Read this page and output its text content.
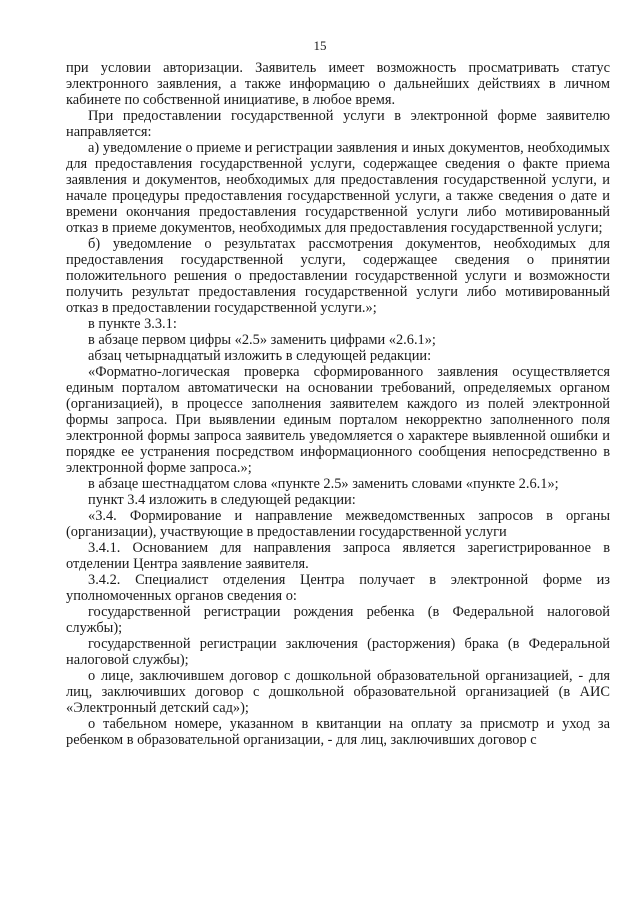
15

при условии авторизации. Заявитель имеет возможность просматривать статус электронного заявления, а также информацию о дальнейших действиях в личном кабинете по собственной инициативе, в любое время.

При предоставлении государственной услуги в электронной форме заявителю направляется:

а) уведомление о приеме и регистрации заявления и иных документов, необходимых для предоставления государственной услуги, содержащее сведения о факте приема заявления и документов, необходимых для предоставления государственной услуги, и начале процедуры предоставления государственной услуги, а также сведения о дате и времени окончания предоставления государственной услуги либо мотивированный отказ в приеме документов, необходимых для предоставления государственной услуги;

б) уведомление о результатах рассмотрения документов, необходимых для предоставления государственной услуги, содержащее сведения о принятии положительного решения о предоставлении государственной услуги и возможности получить результат предоставления государственной услуги либо мотивированный отказ в предоставлении государственной услуги.»;

в пункте 3.3.1:

в абзаце первом цифры «2.5» заменить цифрами «2.6.1»;

абзац четырнадцатый изложить в следующей редакции:

«Форматно-логическая проверка сформированного заявления осуществляется единым порталом автоматически на основании требований, определяемых органом (организацией), в процессе заполнения заявителем каждого из полей электронной формы запроса. При выявлении единым порталом некорректно заполненного поля электронной формы запроса заявитель уведомляется о характере выявленной ошибки и порядке ее устранения посредством информационного сообщения непосредственно в электронной форме запроса.»;

в абзаце шестнадцатом слова «пункте 2.5» заменить словами «пункте 2.6.1»;

пункт 3.4 изложить в следующей редакции:

«3.4. Формирование и направление межведомственных запросов в органы (организации), участвующие в предоставлении государственной услуги

3.4.1. Основанием для направления запроса является зарегистрированное в отделении Центра заявление заявителя.

3.4.2. Специалист отделения Центра получает в электронной форме из уполномоченных органов сведения о:

государственной регистрации рождения ребенка (в Федеральной налоговой службы);

государственной регистрации заключения (расторжения) брака (в Федеральной налоговой службы);

о лице, заключившем договор с дошкольной образовательной организацией, - для лиц, заключивших договор с дошкольной образовательной организацией (в АИС «Электронный детский сад»);

о табельном номере, указанном в квитанции на оплату за присмотр и уход за ребенком в образовательной организации, - для лиц, заключивших договор с
